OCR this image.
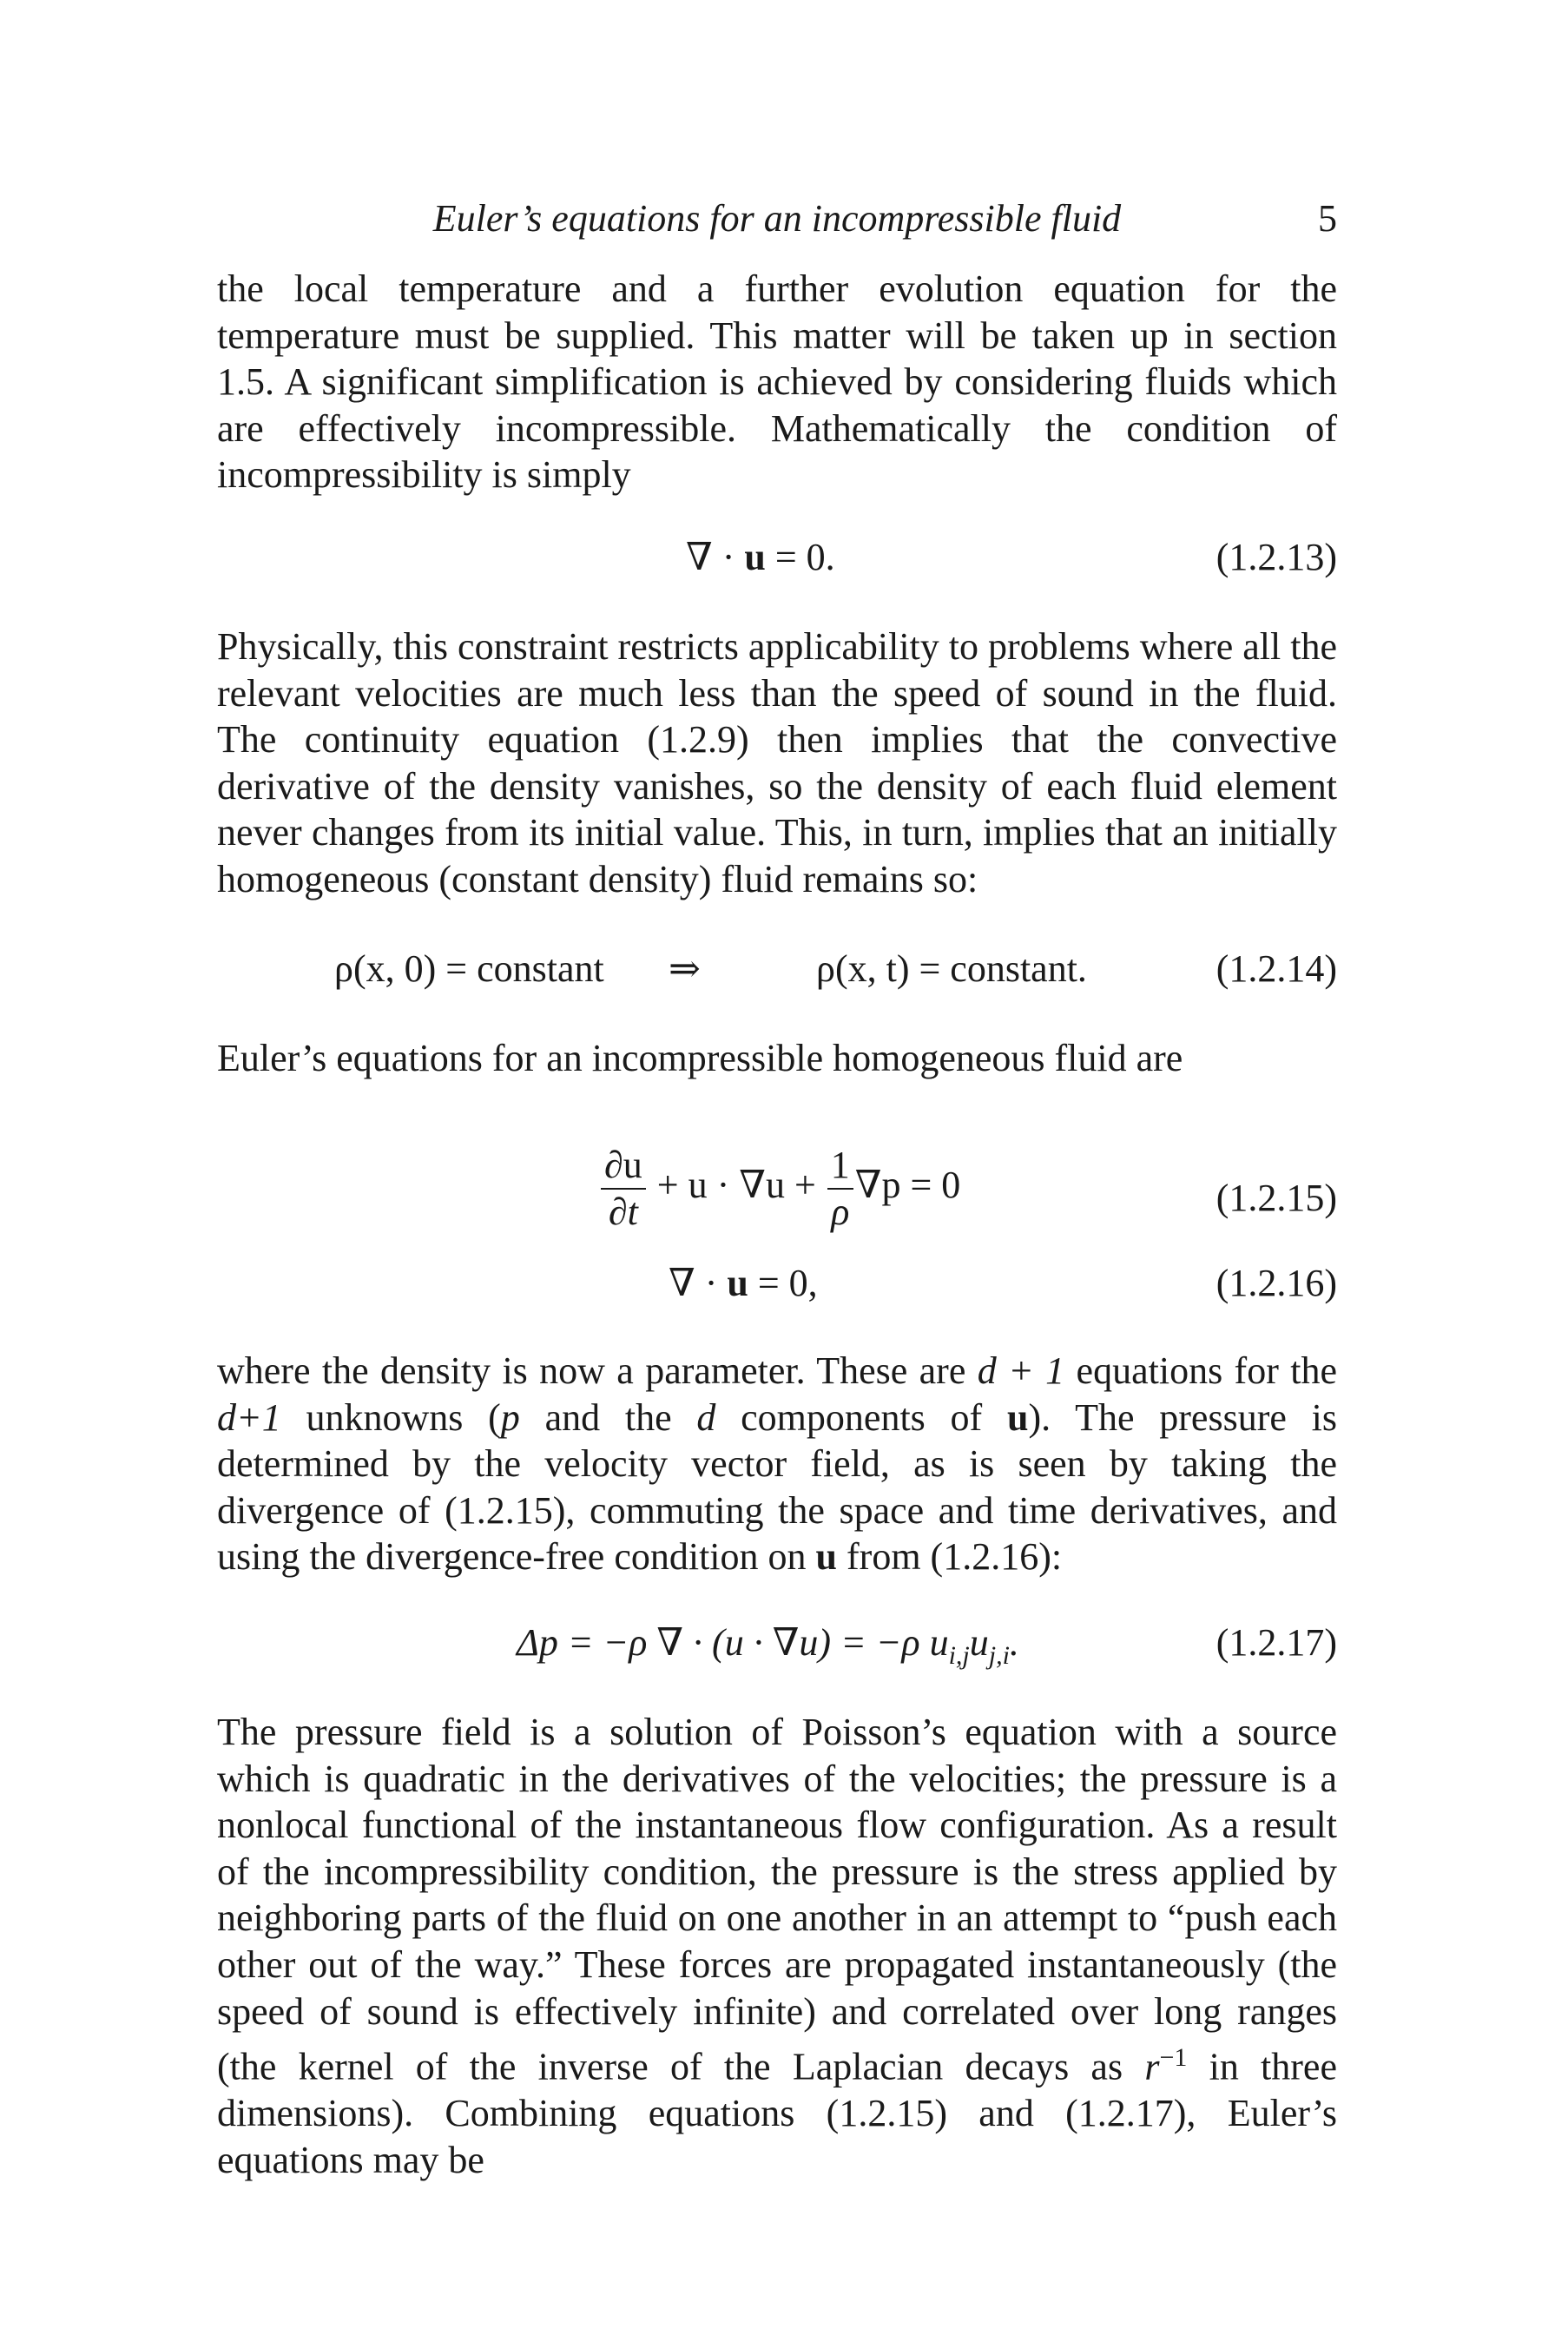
Euler’s equations for an incompressible fluid	5

the local temperature and a further evolution equation for the temperature must be supplied. This matter will be taken up in section 1.5. A significant simplification is achieved by considering fluids which are effectively incompressible. Mathematically the condition of incompressibility is simply

∇ · u = 0.	(1.2.13)

Physically, this constraint restricts applicability to problems where all the relevant velocities are much less than the speed of sound in the fluid. The continuity equation (1.2.9) then implies that the convective derivative of the density vanishes, so the density of each fluid element never changes from its initial value. This, in turn, implies that an initially homogeneous (constant density) fluid remains so:

ρ(x, 0) = constant ⇒	ρ(x, t) = constant.	(1.2.14)

Euler’s equations for an incompressible homogeneous fluid are

$\frac{\partial u}{\partial t} + u \cdot \nabla u + \frac{1}{\rho} \nabla p = 0$	(1.2.15)
∇ · u = 0,	(1.2.16)

where the density is now a parameter. These are d + 1 equations for the d+1 unknowns (p and the d components of u). The pressure is determined by the velocity vector field, as is seen by taking the divergence of (1.2.15), commuting the space and time derivatives, and using the divergence-free condition on u from (1.2.16):

Δp = −ρ ∇ · (u · ∇u) = −ρ $u_{i,j}u_{j,i}$.	(1.2.17)

The pressure field is a solution of Poisson’s equation with a source which is quadratic in the derivatives of the velocities; the pressure is a nonlocal functional of the instantaneous flow configuration. As a result of the incompressibility condition, the pressure is the stress applied by neighboring parts of the fluid on one another in an attempt to “push each other out of the way.” These forces are propagated instantaneously (the speed of sound is effectively infinite) and correlated over long ranges (the kernel of the inverse of the Laplacian decays as $r^{-1}$ in three dimensions). Combining equations (1.2.15) and (1.2.17), Euler’s equations may be
